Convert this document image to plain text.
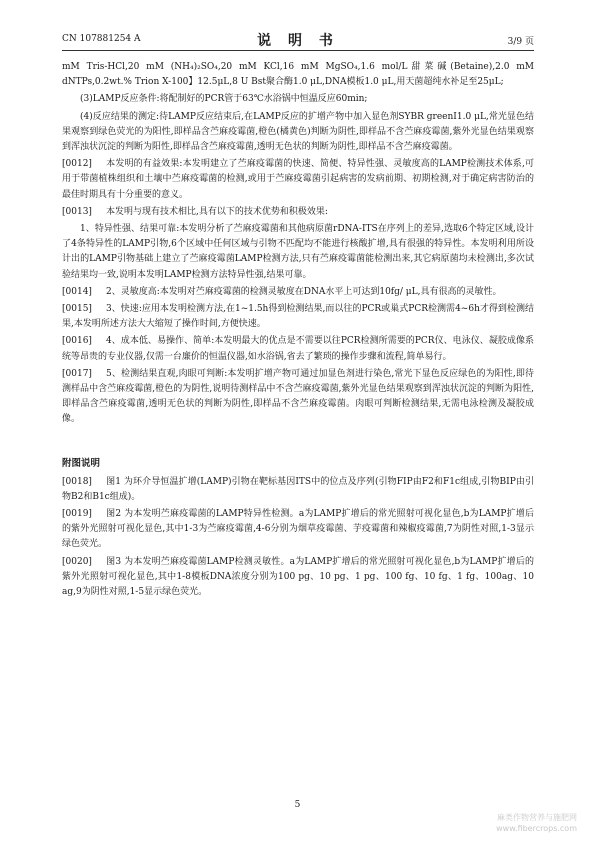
CN 107881254 A	说 明 书	3/9 页

mM Tris-HCl,20 mM (NH₄)₂SO₄,20 mM KCl,16 mM MgSO₄,1.6 mol/L甜菜碱(Betaine),2.0 mM dNTPs,0.2wt.% Trion X-100】12.5μL,8 U Bst聚合酶1.0 μL,DNA模板1.0 μL,用天菌超纯水补足至25μL;

(3)LAMP反应条件:将配制好的PCR管于63℃水浴锅中恒温反应60min;

(4)反应结果的测定:待LAMP反应结束后,在LAMP反应的扩增产物中加入显色剂SYBR greenⅠ1.0 μL,常光显色结果观察到绿色荧光的为阳性,即样品含苎麻疫霉菌,橙色(橘黄色)判断为阴性,即样品不含苎麻疫霉菌,紫外光显色结果观察到浑浊状沉淀的判断为阳性,即样品含苎麻疫霉菌,透明无色状的判断为阴性,即样品不含苎麻疫霉菌。

[0012] 本发明的有益效果:本发明建立了苎麻疫霉菌的快速、简便、特异性强、灵敏度高的LAMP检测技术体系,可用于带菌植株组织和土壤中苎麻疫霉菌的检测,或用于苎麻疫霉菌引起病害的发病前期、初期检测,对于确定病害防治的最佳时期具有十分重要的意义。

[0013] 本发明与现有技术相比,具有以下的技术优势和积极效果:

1、特异性强、结果可靠:本发明分析了苎麻疫霉菌和其他病原菌rDNA-ITS在序列上的差异,选取6个特定区域,设计了4条特异性的LAMP引物,6个区域中任何区域与引物不匹配均不能进行核酸扩增,具有很强的特异性。本发明利用所设计出的LAMP引物基础上建立了苎麻疫霉菌LAMP检测方法,只有苎麻疫霉菌能检测出来,其它病原菌均未检测出,多次试验结果均一致,说明本发明LAMP检测方法特异性强,结果可靠。

[0014] 2、灵敏度高:本发明对苎麻疫霉菌的检测灵敏度在DNA水平上可达到10fg/ μL,具有很高的灵敏性。

[0015] 3、快速:应用本发明检测方法,在1~1.5h得到检测结果,而以往的PCR或巢式PCR检测需4~6h才得到检测结果,本发明所述方法大大缩短了操作时间,方便快速。

[0016] 4、成本低、易操作、简单:本发明最大的优点是不需要以往PCR检测所需要的PCR仪、电泳仪、凝胶成像系统等昂贵的专业仪器,仅需一台廉价的恒温仪器,如水浴锅,省去了繁琐的操作步骤和流程,简单易行。

[0017] 5、检测结果直观,肉眼可判断:本发明扩增产物可通过加显色剂进行染色,常光下显色反应绿色的为阳性,即待测样品中含苎麻疫霉菌,橙色的为阴性,说明待测样品中不含苎麻疫霉菌,紫外光显色结果观察到浑浊状沉淀的判断为阳性,即样品含苎麻疫霉菌,透明无色状的判断为阴性,即样品不含苎麻疫霉菌。肉眼可判断检测结果,无需电泳检测及凝胶成像。

附图说明

[0018] 图1 为环介导恒温扩增(LAMP)引物在靶标基因ITS中的位点及序列(引物FIP由F2和F1c组成,引物BIP由引物B2和B1c组成)。

[0019] 图2 为本发明苎麻疫霉菌的LAMP特异性检测。a为LAMP扩增后的常光照射可视化显色,b为LAMP扩增后的紫外光照射可视化显色,其中1-3为苎麻疫霉菌,4-6分别为烟草疫霉菌、芋疫霉菌和辣椒疫霉菌,7为阴性对照,1-3显示绿色荧光。

[0020] 图3 为本发明苎麻疫霉菌LAMP检测灵敏性。a为LAMP扩增后的常光照射可视化显色,b为LAMP扩增后的紫外光照射可视化显色,其中1-8模板DNA浓度分别为100 pg、10 pg、1 pg、100 fg、10 fg、1 fg、100ag、10 ag,9为阴性对照,1-5显示绿色荧光。

5
麻类作物营养与施肥网
www.fibercrops.com
